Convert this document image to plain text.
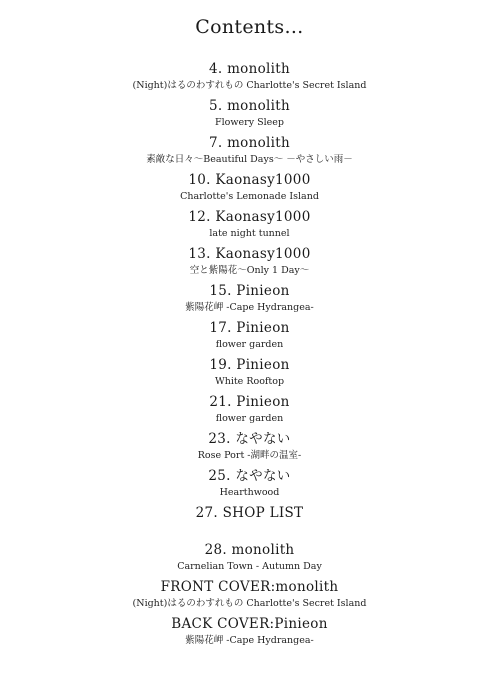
Contents…
4. monolith
(Night)はるのわすれもの Charlotte's Secret Island
5. monolith
Flowery Sleep
7. monolith
素敵な日々～Beautiful Days～ －やさしい雨－
10. Kaonasy1000
Charlotte's Lemonade Island
12. Kaonasy1000
late night tunnel
13. Kaonasy1000
空と紫陽花～Only 1 Day～
15. Pinieon
紫陽花岬 -Cape Hydrangea-
17. Pinieon
flower garden
19. Pinieon
White Rooftop
21. Pinieon
flower garden
23. なやない
Rose Port -湖畔の温室-
25. なやない
Hearthwood
27. SHOP LIST
28. monolith
Carnelian Town - Autumn Day
FRONT COVER:monolith
(Night)はるのわすれもの Charlotte's Secret Island
BACK COVER:Pinieon
紫陽花岬 -Cape Hydrangea-
